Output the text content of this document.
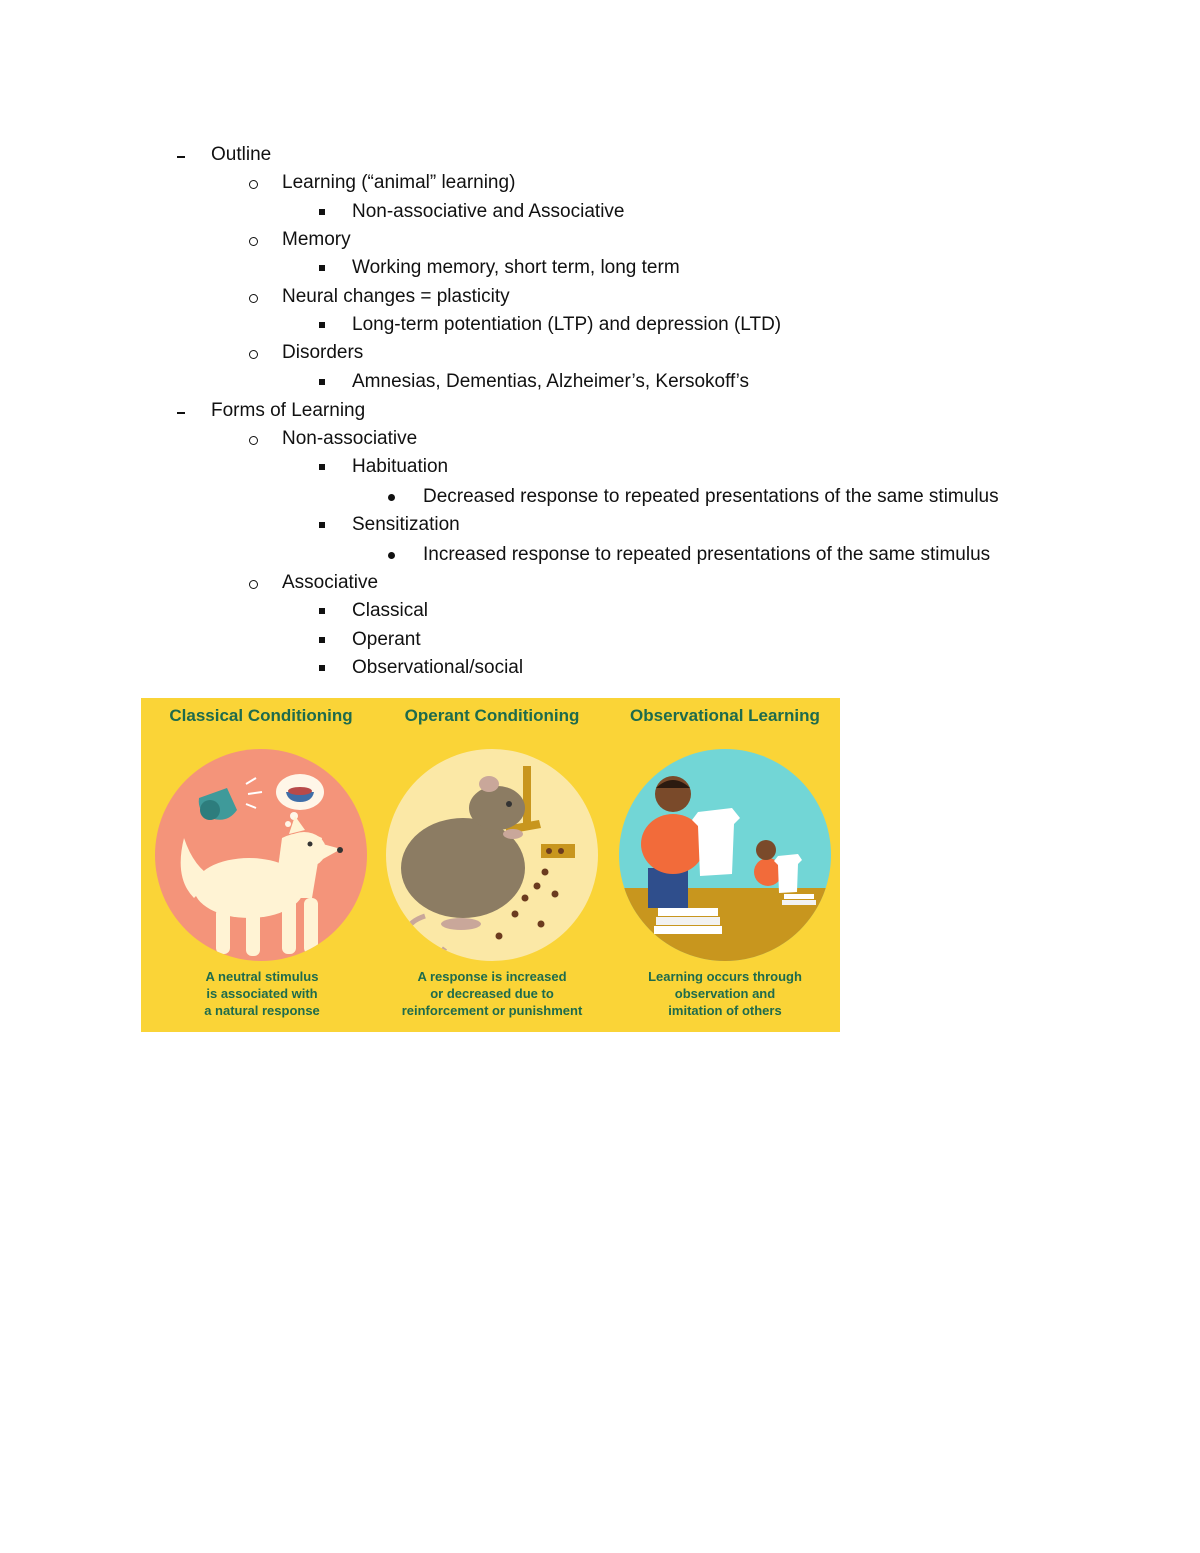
Outline
Learning (“animal” learning)
Non-associative and Associative
Memory
Working memory, short term, long term
Neural changes = plasticity
Long-term potentiation (LTP) and depression (LTD)
Disorders
Amnesias, Dementias, Alzheimer’s, Kersokoff’s
Forms of Learning
Non-associative
Habituation
Decreased response to repeated presentations of the same stimulus
Sensitization
Increased response to repeated presentations of the same stimulus
Associative
Classical
Operant
Observational/social
Classical Conditioning
A neutral stimulus
is associated with
a natural response
Operant Conditioning
A response is increased
or decreased due to
reinforcement or punishment
Observational Learning
Learning occurs through
observation and
imitation of others
